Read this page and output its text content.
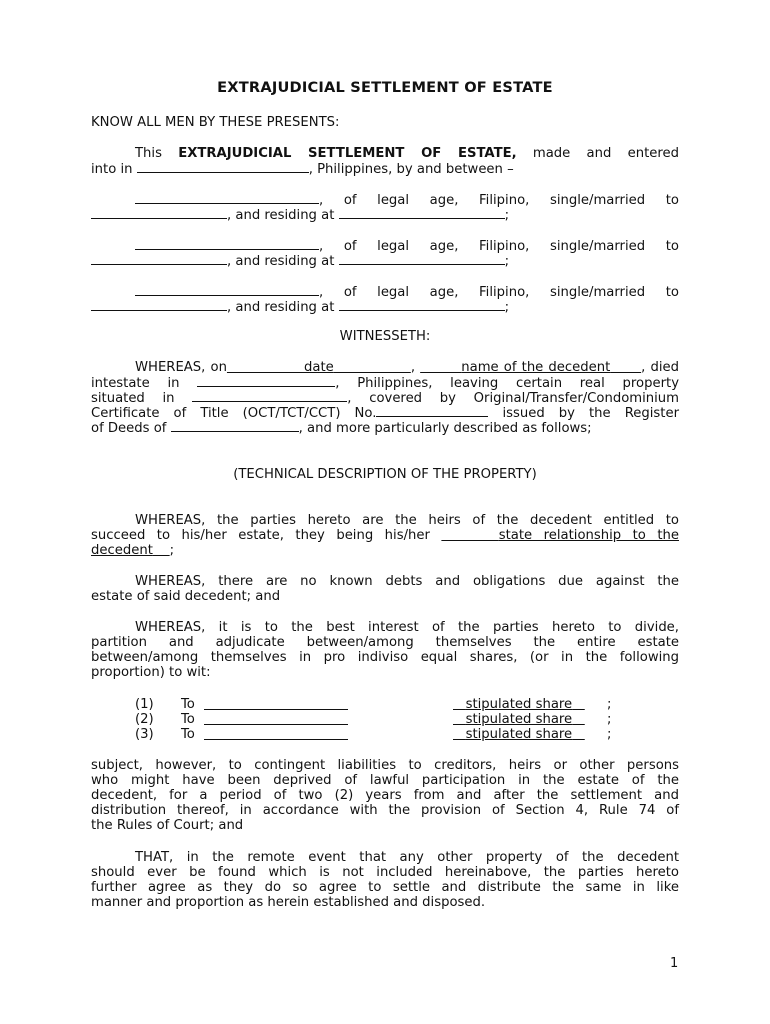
EXTRAJUDICIAL SETTLEMENT OF ESTATE
KNOW ALL MEN BY THESE PRESENTS:
This EXTRAJUDICIAL SETTLEMENT OF ESTATE, made and entered
into in	, Philippines, by and between –
, of legal age, Filipino, single/married to
, and residing at	;
, of legal age, Filipino, single/married to
, and residing at	;
, of legal age, Filipino, single/married to
, and residing at	;
WITNESSETH:
WHEREAS, on​               date	,	name of the decedent , died
intestate in	, Philippines, leaving certain real property
situated in	, covered by Original/Transfer/Condominium
Certificate of Title (OCT/TCT/CCT) No.	issued by the Register
of Deeds of	, and more particularly described as follows;
(TECHNICAL DESCRIPTION OF THE PROPERTY)
WHEREAS, the parties hereto are the heirs of the decedent entitled to
succeed to his/her estate, they being his/her	state relationship to the
decedent ;
WHEREAS, there are no known debts and obligations due against the
estate of said decedent; and
WHEREAS, it is to the best interest of the parties hereto to divide,
partition and adjudicate between/among themselves the entire estate
between/among themselves in pro indiviso equal shares, (or in the following
proportion) to wit:
(1) To	stipulated share	;
(2) To	stipulated share	;
(3) To	stipulated share	;
subject, however, to contingent liabilities to creditors, heirs or other persons
who might have been deprived of lawful participation in the estate of the
decedent, for a period of two (2) years from and after the settlement and
distribution thereof, in accordance with the provision of Section 4, Rule 74 of
the Rules of Court; and
THAT, in the remote event that any other property of the decedent
should ever be found which is not included hereinabove, the parties hereto
further agree as they do so agree to settle and distribute the same in like
manner and proportion as herein established and disposed.
1
